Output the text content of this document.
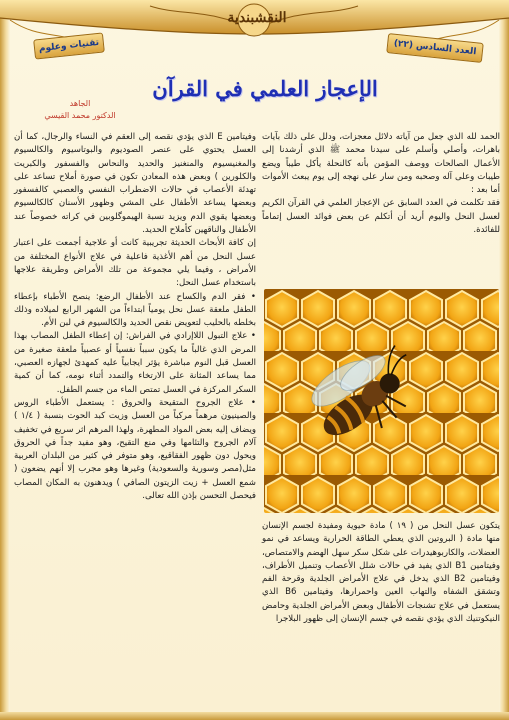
النقشبندية
العدد السادس (٢٢)
تقنيات وعلوم
الإعجاز العلمي في القرآن
الجاهد
الدكتور محمد القيسي

الحمد لله الذي جعل من آياته دلائل معجزات، ودلل على ذلك بآيات باهرات، وأصلي وأسلم على سيدنا محمد ﷺ الذي أرشدنا إلى الأعمال الصالحات ووصف المؤمن بأنه كالنحلة يأكل طيباً ويضع طيبات وعلى آله وصحبه ومن سار على نهجه إلى يوم يبعث الأموات أما بعد :

فقد تكلمت في العدد السابق عن الإعجاز العلمي في القرآن الكريم لعسل النحل واليوم أريد أن أتكلم عن بعض فوائد العسل إتماماً للفائدة.

يتكون عسل النحل من ( ١٩ ) مادة حيوية ومفيدة لجسم الإنسان منها مادة ( البروتين الذي يعطي الطاقة الحرارية ويساعد في نمو العضلات، والكاربوهيدرات على شكل سكر سهل الهضم والامتصاص، وفيتامين B1 الذي يفيد في حالات شلل الأعصاب وتنميل الأطراف، وفيتامين B2 الذي يدخل في علاج الأمراض الجلدية وقرحة الفم وتشقق الشفاه والتهاب العين واحمرارها، وفيتامين B6 الذي يستعمل في علاج تشنجات الأطفال وبعض الأمراض الجلدية وحامض النيكوتنيك الذي يؤدي نقصه في جسم الإنسان إلى ظهور البلاجرا

وفيتامين E الذي يؤدي نقصه إلى العقم في النساء والرجال، كما أن العسل يحتوي على عنصر الصوديوم والبوتاسيوم والكالسيوم والمغنيسيوم والمنغنيز والحديد والنحاس والفسفور والكبريت والكلورين ) وبعض هذه المعادن تكون في صورة أملاح تساعد على تهدئة الأعصاب في حالات الاضطراب النفسي والعصبي كالفسفور وبعضها يساعد الأطفال على المشي وظهور الأسنان كالكالسيوم وبعضها يقوي الدم ويزيد نسبة الهيموگلوبين في كراته خصوصاً عند الأطفال والناقهين كأملاح الحديد.

إن كافة الأبحاث الحديثة تجريبية كانت أو علاجية أجمعت على اعتبار عسل النحل من أهم الأغذية فاعلية في علاج الأنواع المختلفة من الأمراض ، وفيما يلي مجموعة من تلك الأمراض وطريقة علاجها باستخدام عسل النحل:

• فقر الدم والكساح عند الأطفال الرضع: ينصح الأطباء بإعطاء الطفل ملعقة عسل نحل يومياً ابتداءاً من الشهر الرابع لميلاده وذلك بخلطه بالحليب لتعويض نقص الحديد والكالسيوم في لبن الأم.

• علاج التبول اللاإرادي في الفراش: إن إعطاء الطفل المصاب بهذا المرض الذي غالباً ما يكون سبباً نفسياً أو عصبياً ملعقة صغيرة من العسل قبل النوم مباشرة يؤثر ايجابياً عليه كمهدئ لجهازه العصبي، مما يساعد المثانة على الارتخاء والتمدد أثناء نومه، كما أن كمية السكر المركزة في العسل تمتص الماء من جسم الطفل.

• علاج الجروح المتقيحة والحروق : يستعمل الأطباء الروس والصينيون مرهماً مركباً من العسل وزيت كبد الحوت بنسبة ( ١/٤ ) ويضاف إليه بعض المواد المطهرة، ولهذا المرهم اثر سريع في تخفيف آلام الجروح والتئامها وفي منع التقيح، وهو مفيد جداً في الحروق ويحول دون ظهور الفقاقيع، وهو متوفر في كثير من البلدان العربية مثل(مصر وسورية والسعودية) وغيرها وهو مجرب إلا أنهم يضعون ( شمع العسل + زيت الزيتون الصافي ) ويدهنون به المكان المصاب فيحصل التحسن بإذن الله تعالى.
